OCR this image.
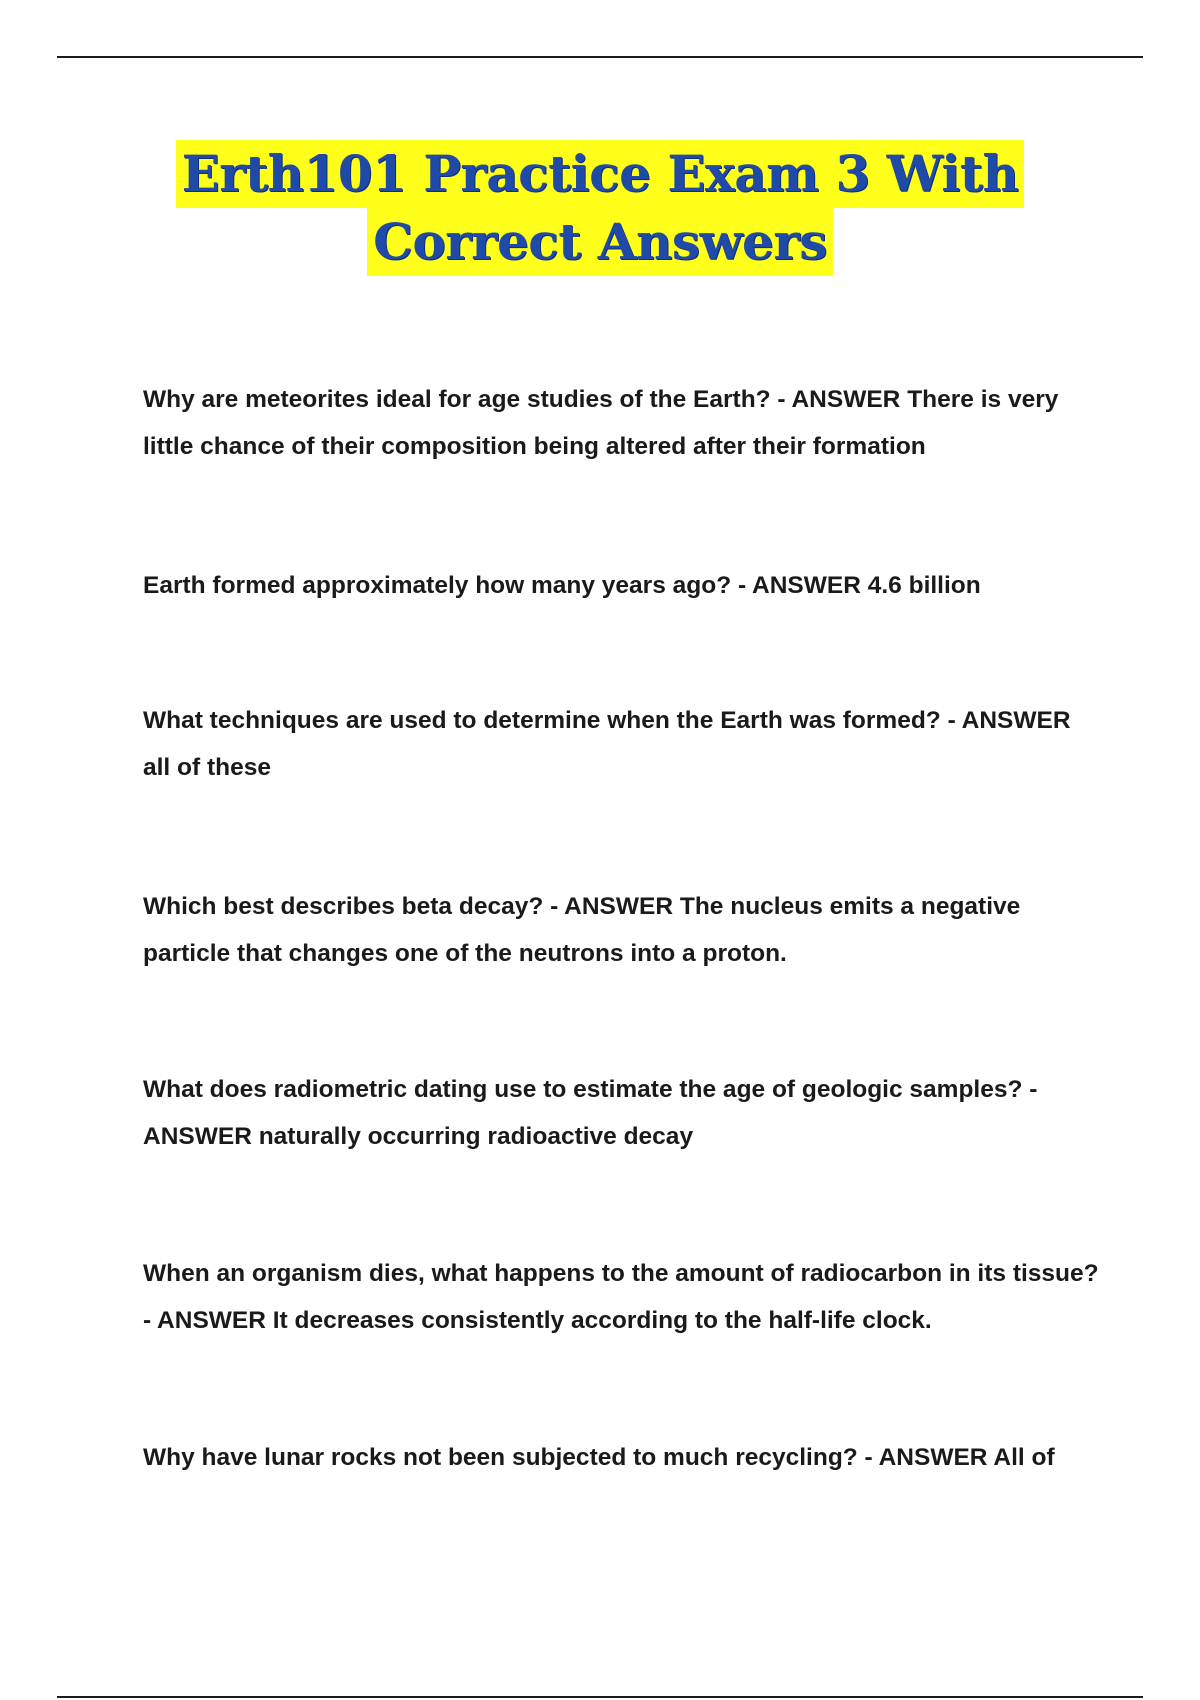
Erth101 Practice Exam 3 With
Correct Answers

Why are meteorites ideal for age studies of the Earth? - ANSWER There is very little chance of their composition being altered after their formation

Earth formed approximately how many years ago? - ANSWER 4.6 billion

What techniques are used to determine when the Earth was formed? - ANSWER all of these

Which best describes beta decay? - ANSWER The nucleus emits a negative particle that changes one of the neutrons into a proton.

What does radiometric dating use to estimate the age of geologic samples? - ANSWER naturally occurring radioactive decay

When an organism dies, what happens to the amount of radiocarbon in its tissue? - ANSWER It decreases consistently according to the half-life clock.

Why have lunar rocks not been subjected to much recycling? - ANSWER All of
